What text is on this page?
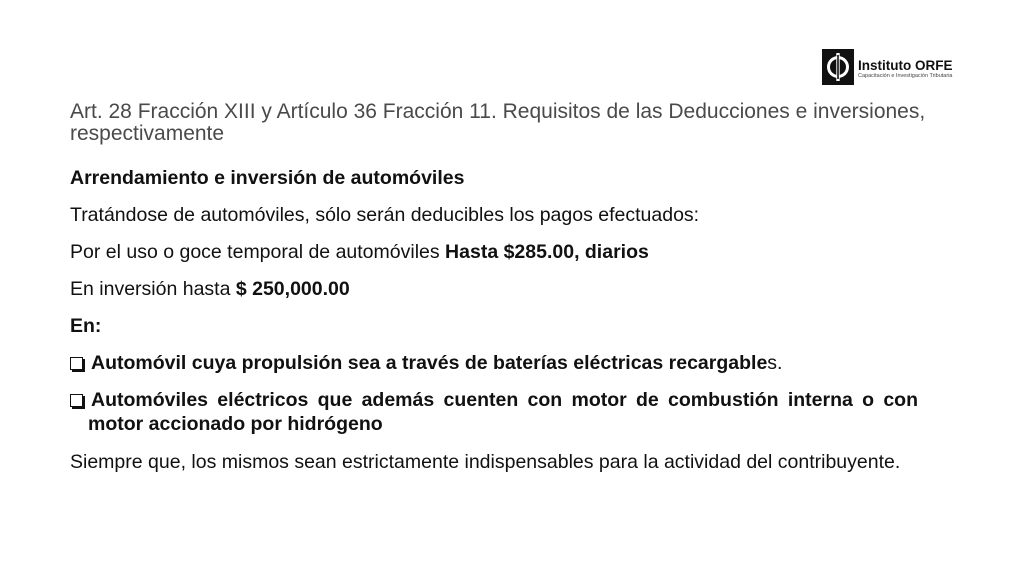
Instituto ORFE
Capacitación e Investigación Tributaria
Art. 28 Fracción XIII y Artículo 36 Fracción 11. Requisitos de las Deducciones e inversiones, respectivamente

Arrendamiento e inversión de automóviles

Tratándose de automóviles, sólo serán deducibles los pagos efectuados:

Por el uso o goce temporal de automóviles Hasta $285.00, diarios

En inversión hasta $ 250,000.00

En:

Automóvil cuya propulsión sea a través de baterías eléctricas recargables.

Automóviles eléctricos que además cuenten con motor de combustión interna o con motor accionado por hidrógeno

Siempre que, los mismos sean estrictamente indispensables para la actividad del contribuyente.
